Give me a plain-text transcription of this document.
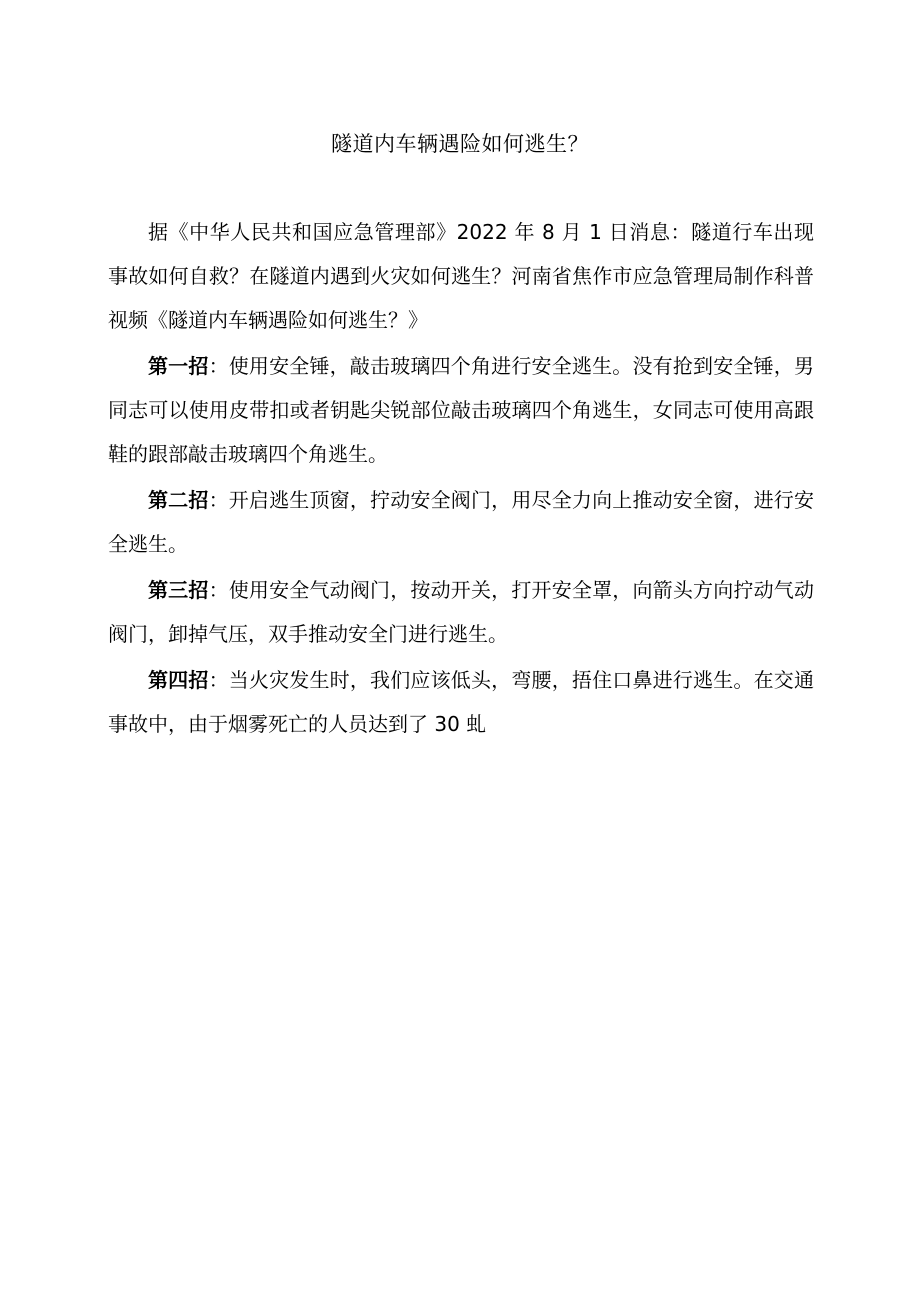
隧道内车辆遇险如何逃生？

据《中华人民共和国应急管理部》2022 年 8 月 1 日消息：隧道行车出现事故如何自救？在隧道内遇到火灾如何逃生？河南省焦作市应急管理局制作科普视频《隧道内车辆遇险如何逃生？》

第一招：使用安全锤，敲击玻璃四个角进行安全逃生。没有抢到安全锤，男同志可以使用皮带扣或者钥匙尖锐部位敲击玻璃四个角逃生，女同志可使用高跟鞋的跟部敲击玻璃四个角逃生。

第二招：开启逃生顶窗，拧动安全阀门，用尽全力向上推动安全窗，进行安全逃生。

第三招：使用安全气动阀门，按动开关，打开安全罩，向箭头方向拧动气动阀门，卸掉气压，双手推动安全门进行逃生。

第四招：当火灾发生时，我们应该低头，弯腰，捂住口鼻进行逃生。在交通事故中，由于烟雾死亡的人员达到了 30 虬
